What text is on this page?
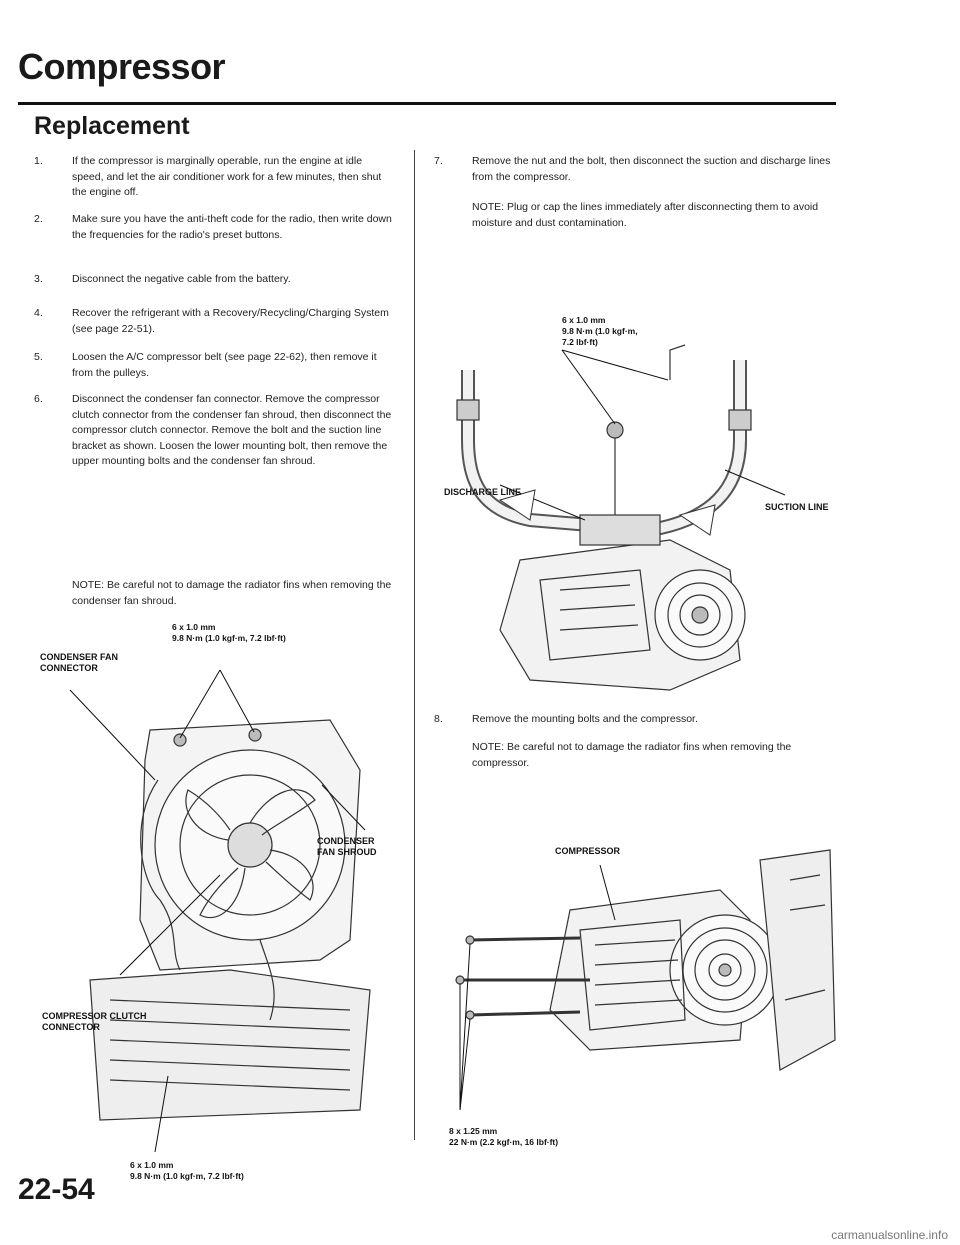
Compressor
Replacement
1.	If the compressor is marginally operable, run the engine at idle speed, and let the air conditioner work for a few minutes, then shut the engine off.
2.	Make sure you have the anti-theft code for the radio, then write down the frequencies for the radio's preset buttons.
3.	Disconnect the negative cable from the battery.
4.	Recover the refrigerant with a Recovery/Recycling/Charging System (see page 22-51).
5.	Loosen the A/C compressor belt (see page 22-62), then remove it from the pulleys.
6.	Disconnect the condenser fan connector. Remove the compressor clutch connector from the condenser fan shroud, then disconnect the compressor clutch connector. Remove the bolt and the suction line bracket as shown. Loosen the lower mounting bolt, then remove the upper mounting bolts and the condenser fan shroud.
NOTE: Be careful not to damage the radiator fins when removing the condenser fan shroud.
6 x 1.0 mm
9.8 N·m (1.0 kgf·m, 7.2 lbf·ft)
CONDENSER FAN
CONNECTOR
CONDENSER
FAN SHROUD
COMPRESSOR CLUTCH
CONNECTOR
6 x 1.0 mm
9.8 N·m (1.0 kgf·m, 7.2 lbf·ft)
7.	Remove the nut and the bolt, then disconnect the suction and discharge lines from the compressor.
NOTE: Plug or cap the lines immediately after disconnecting them to avoid moisture and dust contamination.
6 x 1.0 mm
9.8 N·m (1.0 kgf·m,
7.2 lbf·ft)
DISCHARGE LINE
SUCTION LINE
8.	Remove the mounting bolts and the compressor.
NOTE: Be careful not to damage the radiator fins when removing the compressor.
COMPRESSOR
8 x 1.25 mm
22 N·m (2.2 kgf·m, 16 lbf·ft)
22-54
carmanualsonline.info
